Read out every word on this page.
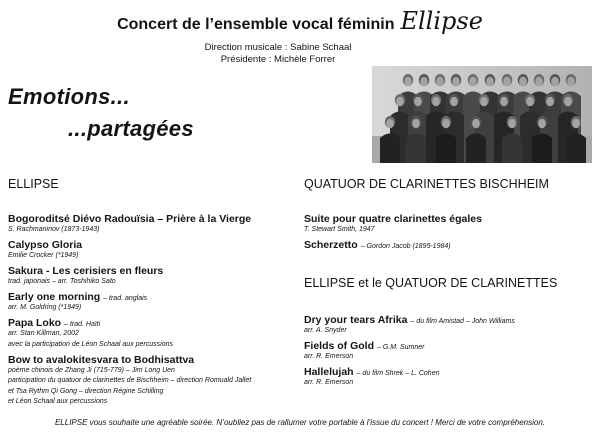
Concert de l’ensemble vocal féminin Ellipse
Direction musicale : Sabine Schaal
Présidente : Michèle Forrer
Emotions...
...partagées
ELLIPSE
Bogoroditsé Diévo Radouïsia – Prière à la Vierge
S. Rachmaninov (1873-1943)
Calypso Gloria
Emilie Crocker (*1949)
Sakura - Les cerisiers en fleurs
trad. japonais – arr. Toshihiko Sato
Early one morning – trad. anglais
arr. M. Goldring (*1949)
Papa Loko – trad. Haïti
arr. Stan Killman, 2002
avec la participation de Léon Schaal aux percussions
Bow to avalokitesvara to Bodhisattva
poème chinois de Zhang Ji (715-779) – Jim Long Uen
participation du quatuor de clarinettes de Bischheim – direction Romuald Jallet
et Tsa Rythm Qi Gong – direction Régine Schilling
et Léon Schaal aux percussions
QUATUOR DE CLARINETTES BISCHHEIM
Suite pour quatre clarinettes égales
T. Stewart Smith, 1947
Scherzetto – Gordon Jacob (1895-1984)
ELLIPSE et le QUATUOR DE CLARINETTES
Dry your tears Afrika – du film Amistad – John Williams
arr. A. Snyder
Fields of Gold – G.M. Sumner
arr. R. Emerson
Hallelujah – du film Shrek – L. Cohen
arr. R. Emerson
ELLIPSE vous souhaite une agréable soirée. N’oubliez pas de rallumer votre portable à l’issue du concert ! Merci de votre compréhension.
